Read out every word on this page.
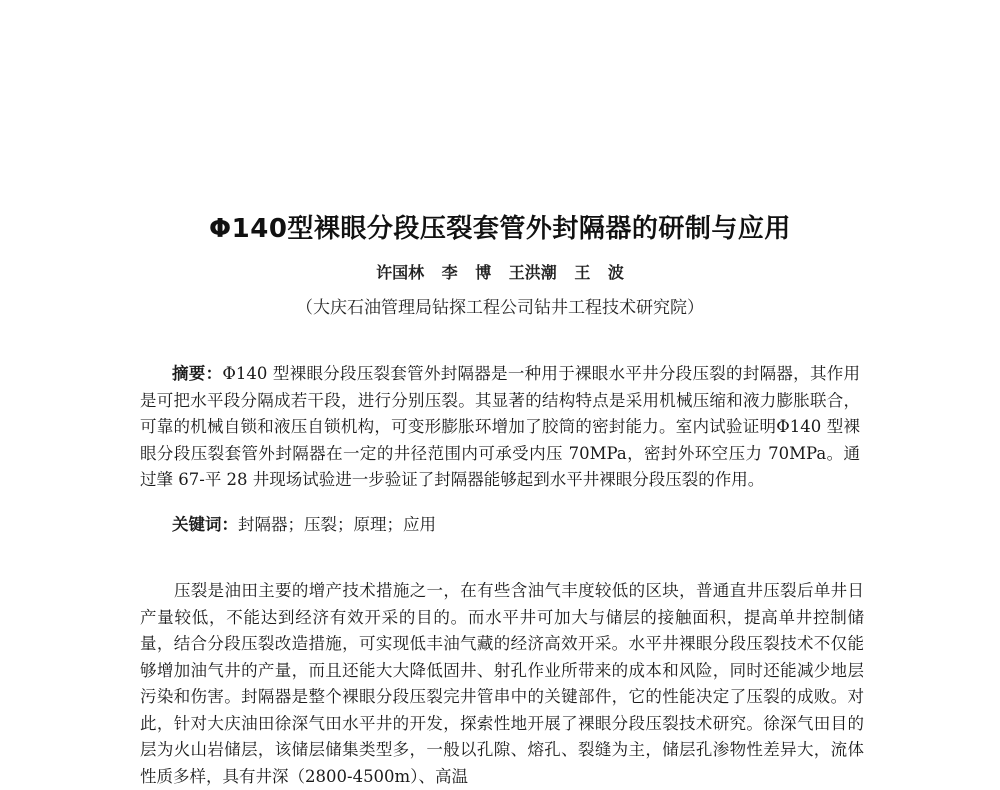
Φ140型裸眼分段压裂套管外封隔器的研制与应用
许国林 李 博 王洪潮 王 波
（大庆石油管理局钻探工程公司钻井工程技术研究院）
摘要：Φ140 型裸眼分段压裂套管外封隔器是一种用于裸眼水平井分段压裂的封隔器，其作用是可把水平段分隔成若干段，进行分别压裂。其显著的结构特点是采用机械压缩和液力膨胀联合，可靠的机械自锁和液压自锁机构，可变形膨胀环增加了胶筒的密封能力。室内试验证明Φ140 型裸眼分段压裂套管外封隔器在一定的井径范围内可承受内压 70MPa，密封外环空压力 70MPa。通过肇 67-平 28 井现场试验进一步验证了封隔器能够起到水平井裸眼分段压裂的作用。
关键词：封隔器；压裂；原理；应用
压裂是油田主要的增产技术措施之一，在有些含油气丰度较低的区块，普通直井压裂后单井日产量较低，不能达到经济有效开采的目的。而水平井可加大与储层的接触面积，提高单井控制储量，结合分段压裂改造措施，可实现低丰油气藏的经济高效开采。水平井裸眼分段压裂技术不仅能够增加油气井的产量，而且还能大大降低固井、射孔作业所带来的成本和风险，同时还能减少地层污染和伤害。封隔器是整个裸眼分段压裂完井管串中的关键部件，它的性能决定了压裂的成败。对此，针对大庆油田徐深气田水平井的开发，探索性地开展了裸眼分段压裂技术研究。徐深气田目的层为火山岩储层，该储层储集类型多，一般以孔隙、熔孔、裂缝为主，储层孔渗物性差异大，流体性质多样，具有井深（2800-4500m）、高温
